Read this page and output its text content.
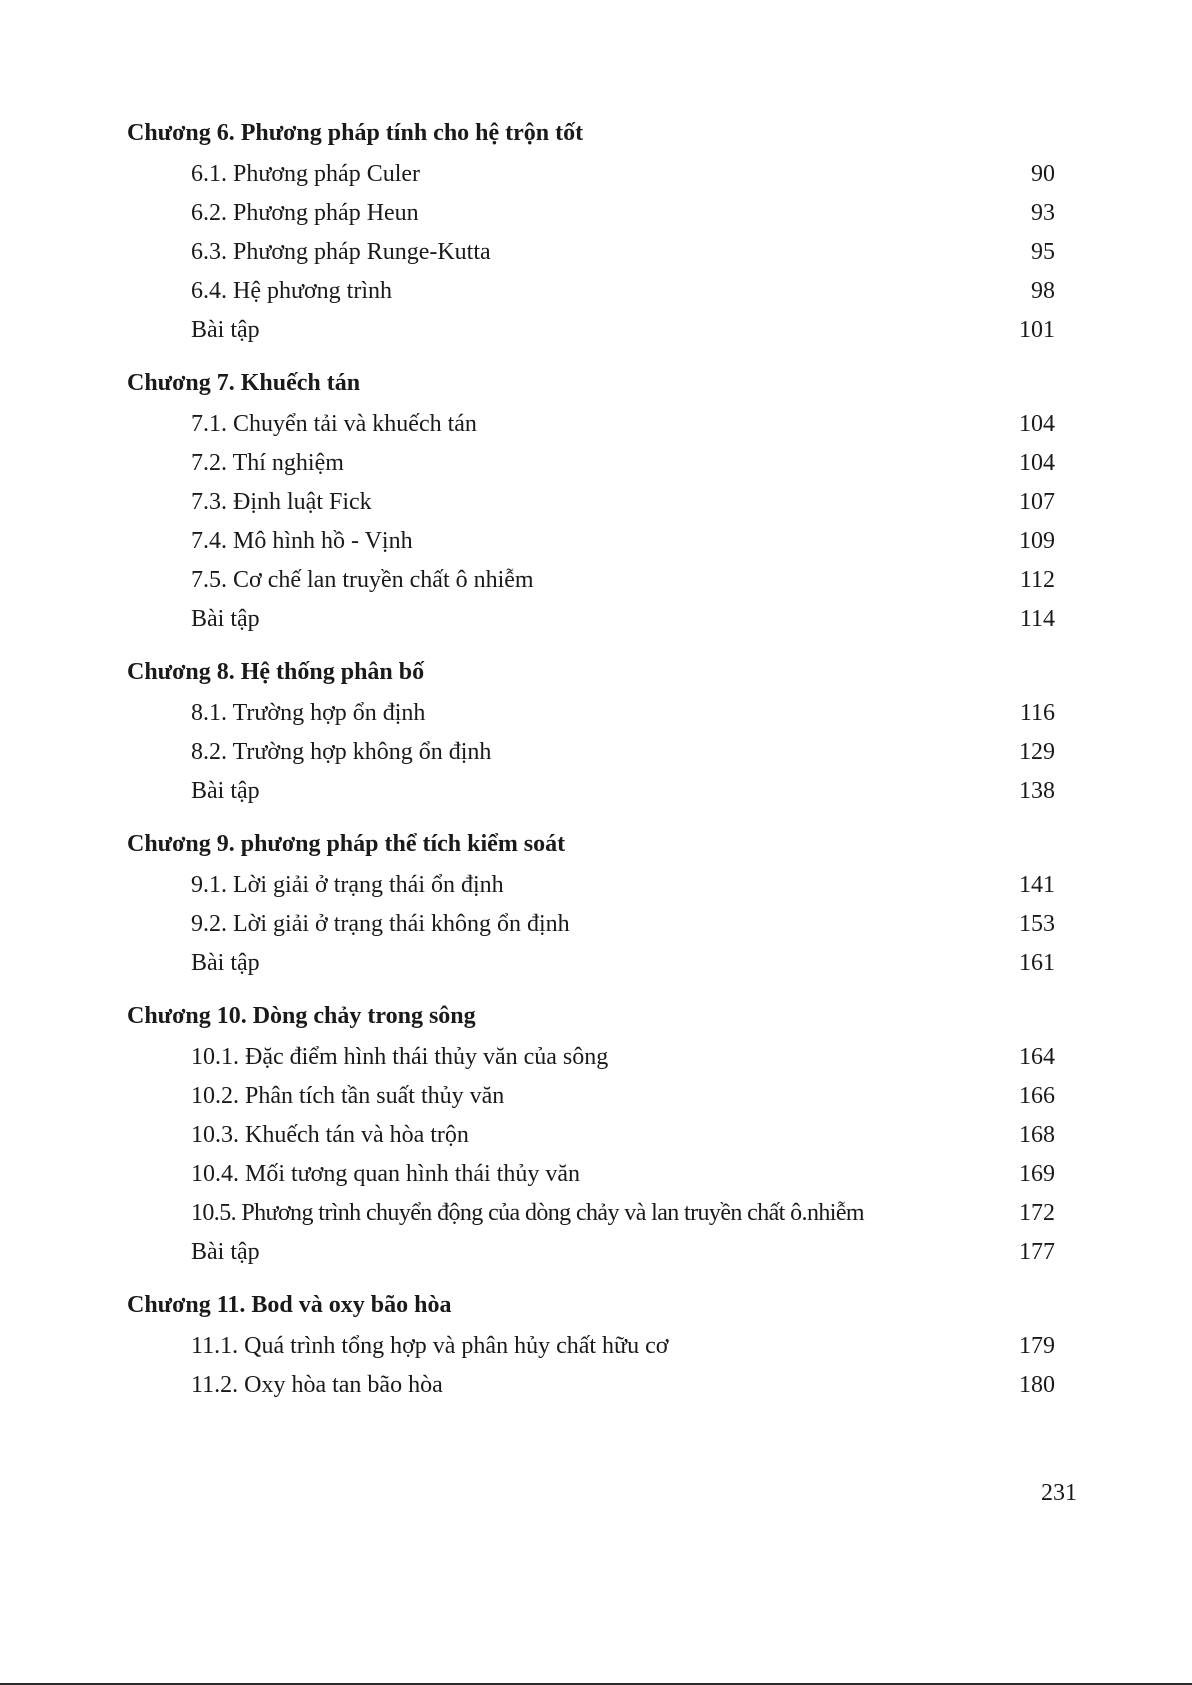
Chương 6. Phương pháp tính cho hệ trộn tốt
6.1. Phương pháp Culer	90
6.2. Phương pháp Heun	93
6.3. Phương pháp Runge-Kutta	95
6.4. Hệ phương trình	98
Bài tập	101
Chương 7. Khuếch tán
7.1. Chuyển tải và khuếch tán	104
7.2. Thí nghiệm	104
7.3. Định luật Fick	107
7.4. Mô hình hồ - Vịnh	109
7.5. Cơ chế lan truyền chất ô nhiễm	112
Bài tập	114
Chương 8. Hệ thống phân bố
8.1. Trường hợp ổn định	116
8.2. Trường hợp không ổn định	129
Bài tập	138
Chương 9. phương pháp thể tích kiểm soát
9.1. Lời giải ở trạng thái ổn định	141
9.2. Lời giải ở trạng thái không ổn định	153
Bài tập	161
Chương 10. Dòng chảy trong sông
10.1. Đặc điểm hình thái thủy văn của sông	164
10.2. Phân tích tần suất thủy văn	166
10.3. Khuếch tán và hòa trộn	168
10.4. Mối tương quan hình thái thủy văn	169
10.5. Phương trình chuyển động của dòng chảy và lan truyền chất ô.nhiễm	172
Bài tập	177
Chương 11. Bod và oxy bão hòa
11.1. Quá trình tổng hợp và phân hủy chất hữu cơ	179
11.2. Oxy hòa tan bão hòa	180
231
